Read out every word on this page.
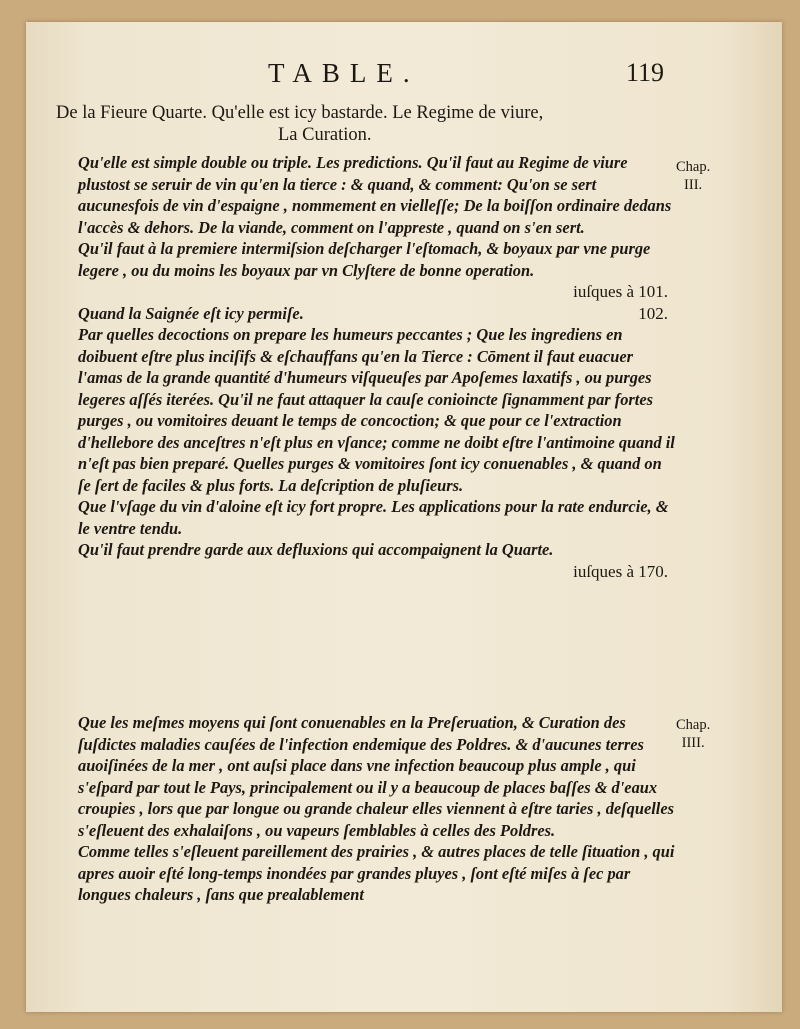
TABLE.	119
De la Fieure Quarte. Qu'elle est icy bastarde. Le Regime de viure,
La Curation.
Chap.
III.

Qu'elle est simple double ou triple. Les predictions. Qu'il faut au Regime de viure plustost se seruir de vin qu'en la tierce : & quand, & comment: Qu'on se sert aucunesfois de vin d'espaigne , nommement en vielleſſe; De la boiſſon ordinaire dedans l'accès & dehors. De la viande, comment on l'appreste , quand on s'en sert.

Qu'il faut à la premiere intermiſsion deſcharger l'eſtomach, & boyaux par vne purge legere , ou du moins les boyaux par vn Clyſtere de bonne operation.
iuſques à 101.

Quand la Saignée eſt icy permiſe.	102.

Par quelles decoctions on prepare les humeurs peccantes ; Que les ingrediens en doibuent eſtre plus inciſifs & eſchauffans qu'en la Tierce : Cōment il faut euacuer l'amas de la grande quantité d'humeurs viſqueuſes par Apoſemes laxatifs , ou purges legeres aſſés iterées. Qu'il ne faut attaquer la cauſe conioincte ſignamment par fortes purges , ou vomitoires deuant le temps de concoction; & que pour ce l'extraction d'hellebore des anceſtres n'eſt plus en vſance; comme ne doibt eſtre l'antimoine quand il n'eſt pas bien preparé. Quelles purges & vomitoires ſont icy conuenables , & quand on ſe ſert de faciles & plus forts. La deſcription de pluſieurs.

Que l'vſage du vin d'aloine eſt icy fort propre. Les applications pour la rate endurcie, & le ventre tendu.

Qu'il faut prendre garde aux defluxions qui accompaignent la Quarte.
iuſques à 170.

Chap.
IIII.

Que les meſmes moyens qui ſont conuenables en la Preſeruation, & Curation des ſuſdictes maladies cauſées de l'infection endemique des Poldres. & d'aucunes terres auoiſinées de la mer , ont auſsi place dans vne infection beaucoup plus ample , qui s'eſpard par tout le Pays, principalement ou il y a beaucoup de places baſſes & d'eaux croupies , lors que par longue ou grande chaleur elles viennent à eſtre taries , deſquelles s'eſleuent des exhalaiſons , ou vapeurs ſemblables à celles des Poldres.

Comme telles s'eſleuent pareillement des prairies , & autres places de telle ſituation , qui apres auoir eſté long-temps inondées par grandes pluyes , ſont eſté miſes à ſec par longues chaleurs , ſans que prealablement
